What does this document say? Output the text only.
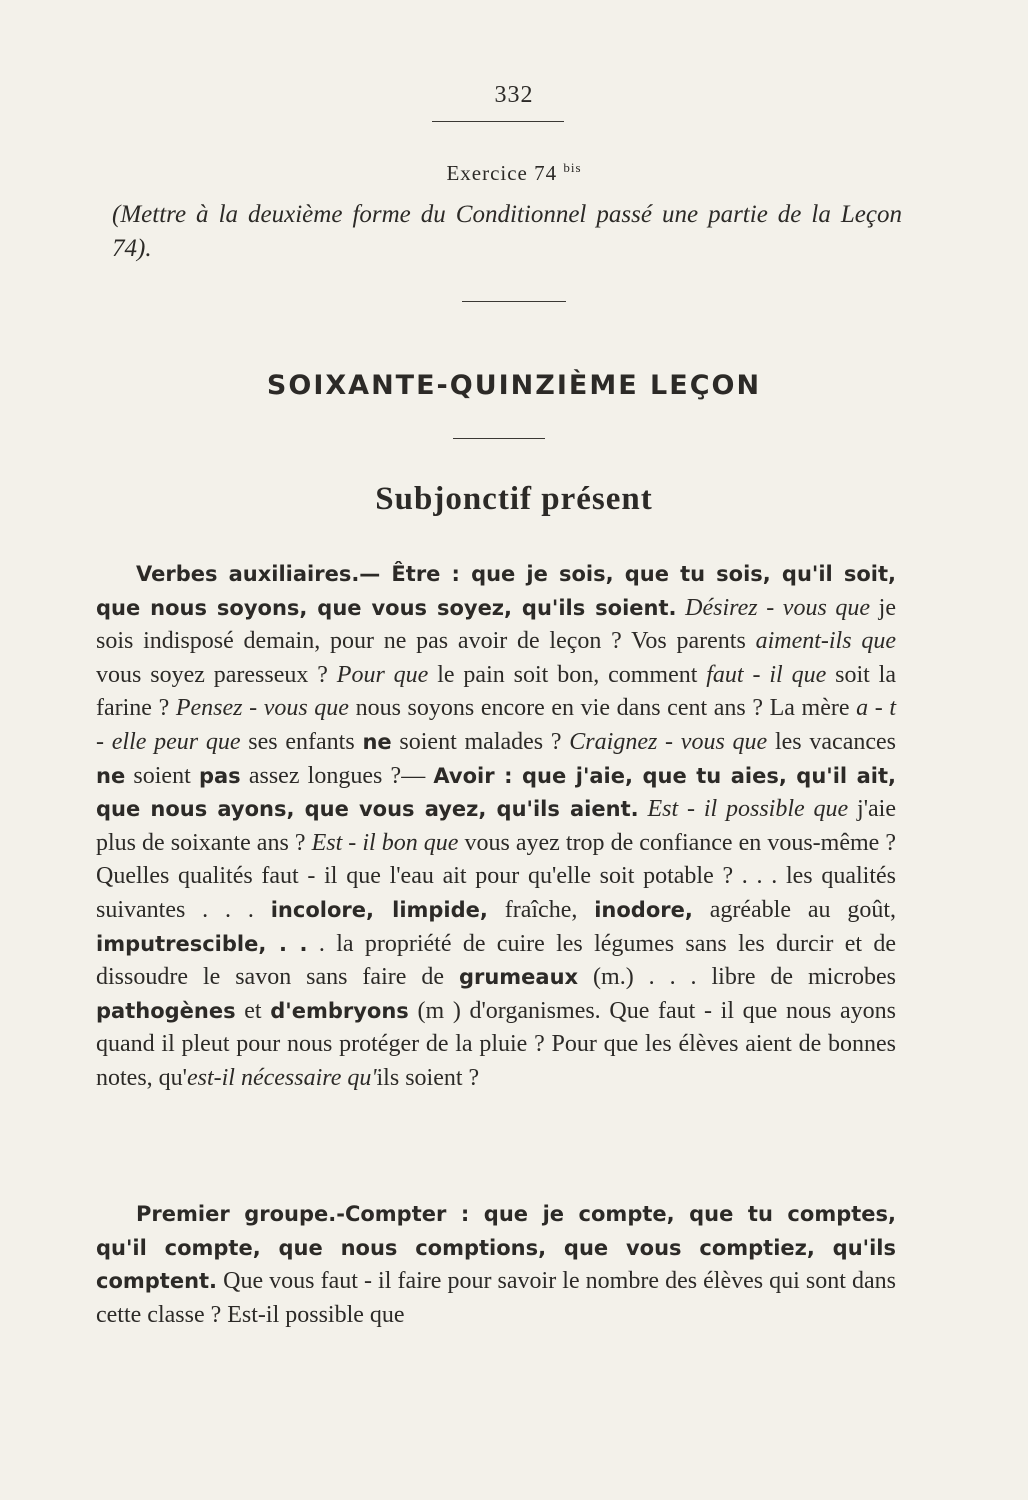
332
Exercice 74 $^{bis}$
(Mettre à la deuxième forme du Conditionnel passé une partie de la Leçon 74).
SOIXANTE-QUINZIÈME LEÇON
Subjonctif présent
Verbes auxiliaires.— Être : que je sois, que tu sois, qu'il soit, que nous soyons, que vous soyez, qu'ils soient. Désirez - vous que je sois indisposé demain, pour ne pas avoir de leçon ? Vos parents aiment-ils que vous soyez paresseux ? Pour que le pain soit bon, comment faut - il que soit la farine ? Pensez - vous que nous soyons encore en vie dans cent ans ? La mère a - t - elle peur que ses enfants ne soient malades ? Craignez - vous que les vacances ne soient pas assez longues ?— Avoir : que j'aie, que tu aies, qu'il ait, que nous ayons, que vous ayez, qu'ils aient. Est - il possible que j'aie plus de soixante ans ? Est - il bon que vous ayez trop de confiance en vous-même ? Quelles qualités faut - il que l'eau ait pour qu'elle soit potable ? . . . les qualités suivantes . . . incolore, limpide, fraîche, inodore, agréable au goût, imputrescible, . . . la propriété de cuire les légumes sans les durcir et de dissoudre le savon sans faire de grumeaux (m.) . . . libre de microbes pathogènes et d'embryons (m ) d'organismes. Que faut - il que nous ayons quand il pleut pour nous protéger de la pluie ? Pour que les élèves aient de bonnes notes, qu'est-il nécessaire qu'ils soient ?
Premier groupe.-Compter : que je compte, que tu comptes, qu'il compte, que nous comptions, que vous comptiez, qu'ils comptent. Que vous faut - il faire pour savoir le nombre des élèves qui sont dans cette classe ? Est-il possible que
